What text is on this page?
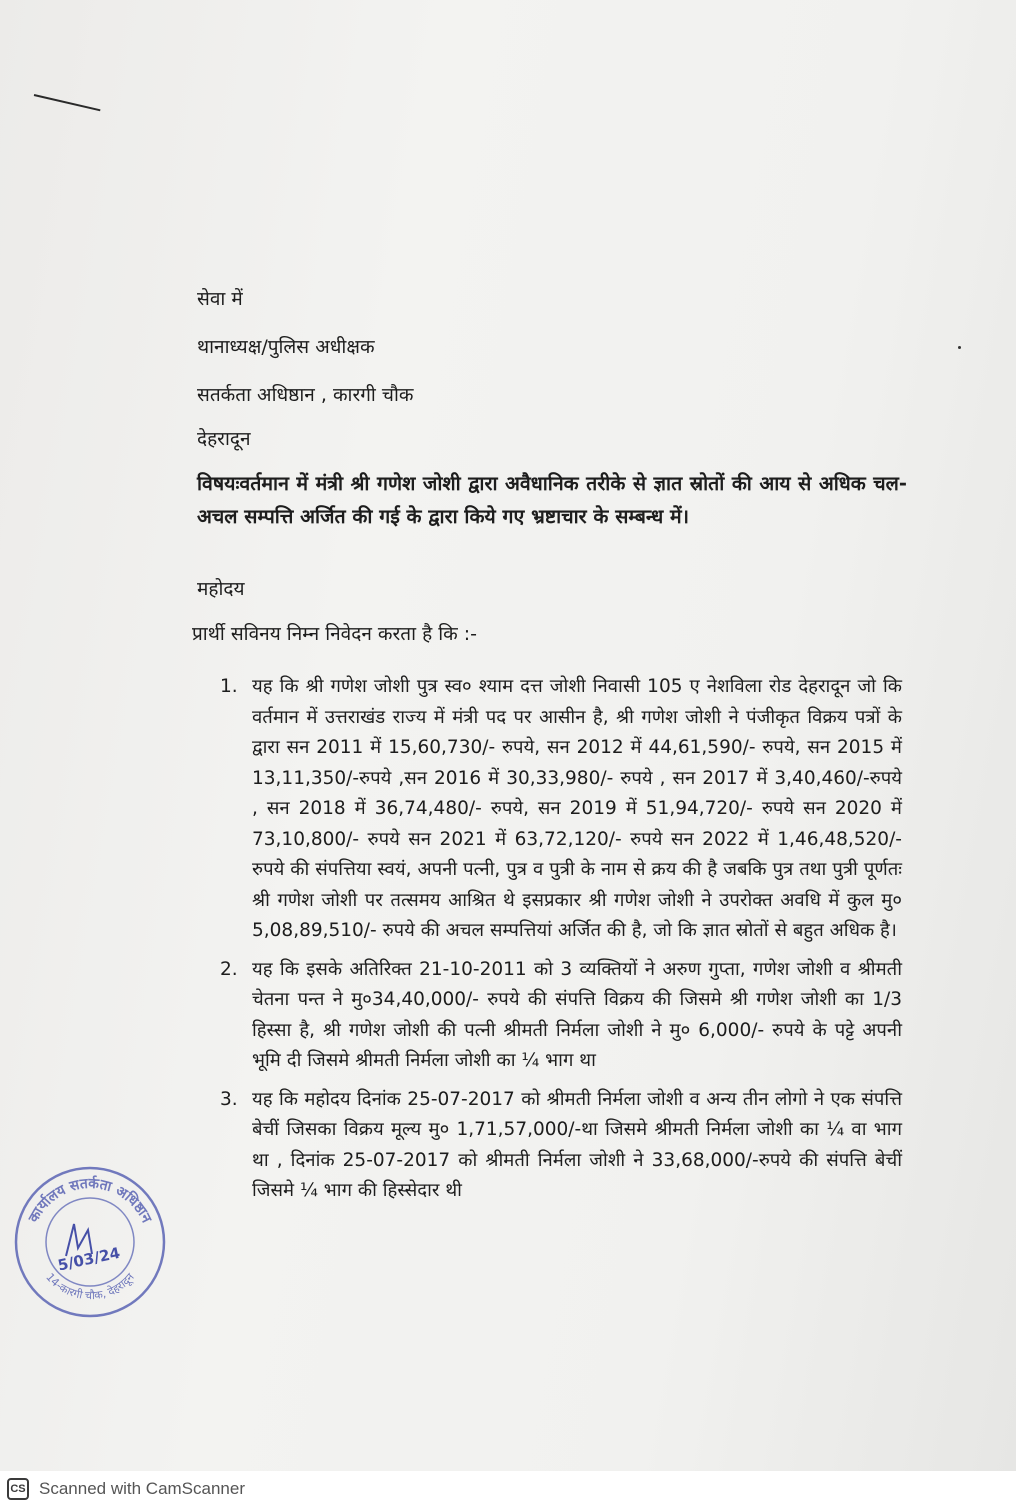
सेवा में
थानाध्यक्ष/पुलिस अधीक्षक
सतर्कता अधिष्ठान , कारगी चौक
देहरादून

विषयःवर्तमान में मंत्री श्री गणेश जोशी द्वारा अवैधानिक तरीके से ज्ञात स्रोतों की आय से अधिक चल-अचल सम्पत्ति अर्जित की गई के द्वारा किये गए भ्रष्टाचार के सम्बन्ध में।

महोदय
प्रार्थी सविनय निम्न निवेदन करता है कि :-
1. यह कि श्री गणेश जोशी पुत्र स्व० श्याम दत्त जोशी निवासी 105 ए नेशविला रोड देहरादून जो कि वर्तमान में उत्तराखंड राज्य में मंत्री पद पर आसीन है, श्री गणेश जोशी ने पंजीकृत विक्रय पत्रों के द्वारा सन 2011 में 15,60,730/- रुपये, सन 2012 में 44,61,590/- रुपये, सन 2015 में 13,11,350/-रुपये ,सन 2016 में 30,33,980/- रुपये , सन 2017 में 3,40,460/-रुपये , सन 2018 में 36,74,480/- रुपये, सन 2019 में 51,94,720/- रुपये सन 2020 में 73,10,800/- रुपये सन 2021 में 63,72,120/- रुपये सन 2022 में 1,46,48,520/- रुपये की संपत्तिया स्वयं, अपनी पत्नी, पुत्र व पुत्री के नाम से क्रय की है जबकि पुत्र तथा पुत्री पूर्णतः श्री गणेश जोशी पर तत्समय आश्रित थे इसप्रकार श्री गणेश जोशी ने उपरोक्त अवधि में कुल मु० 5,08,89,510/- रुपये की अचल सम्पत्तियां अर्जित की है, जो कि ज्ञात स्रोतों से बहुत अधिक है।

2. यह कि इसके अतिरिक्त 21-10-2011 को 3 व्यक्तियों ने अरुण गुप्ता, गणेश जोशी व श्रीमती चेतना पन्त ने मु०34,40,000/- रुपये की संपत्ति विक्रय की जिसमे श्री गणेश जोशी का 1/3 हिस्सा है, श्री गणेश जोशी की पत्नी श्रीमती निर्मला जोशी ने मु० 6,000/- रुपये के पट्टे अपनी भूमि दी जिसमे श्रीमती निर्मला जोशी का ¼ भाग था

3. यह कि महोदय दिनांक 25-07-2017 को श्रीमती निर्मला जोशी व अन्य तीन लोगो ने एक संपत्ति बेचीं जिसका विक्रय मूल्य मु० 1,71,57,000/-था जिसमे श्रीमती निर्मला जोशी का ¼ वा भाग था , दिनांक 25-07-2017 को श्रीमती निर्मला जोशी ने 33,68,000/-रुपये की संपत्ति बेचीं जिसमे ¼ भाग की हिस्सेदार थी

कार्यालय सतर्कता अधिष्ठान
14-कारगी चौक, देहरादून
5/03/24
CS Scanned with CamScanner
